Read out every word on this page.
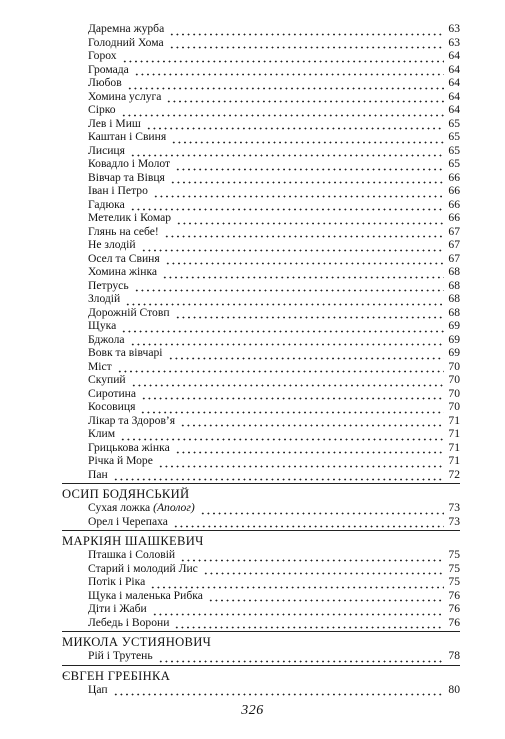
Даремна журба	63
Голодний Хома	63
Горох	64
Громада	64
Любов	64
Хомина услуга	64
Сірко	64
Лев і Миш	65
Каштан і Свиня	65
Лисиця	65
Ковадло і Молот	65
Вівчар та Вівця	66
Іван і Петро	66
Гадюка	66
Метелик і Комар	66
Глянь на себе!	67
Не злодій	67
Осел та Свиня	67
Хомина жінка	68
Петрусь	68
Злодій	68
Дорожній Стовп	68
Щука	69
Бджола	69
Вовк та вівчарі	69
Міст	70
Скупий	70
Сиротина	70
Косовиця	70
Лікар та Здоров’я	71
Клим	71
Грицькова жінка	71
Річка й Море	71
Пан	72
ОСИП БОДЯНСЬКИЙ
Сухая ложка (Аполог)	73
Орел і Черепаха	73
МАРКІЯН ШАШКЕВИЧ
Пташка і Соловій	75
Старий і молодий Лис	75
Потік і Ріка	75
Щука і маленька Рибка	76
Діти і Жаби	76
Лебедь і Ворони	76
МИКОЛА УСТИЯНОВИЧ
Рій і Трутень	78
ЄВГЕН ГРЕБІНКА
Цап	80
326
